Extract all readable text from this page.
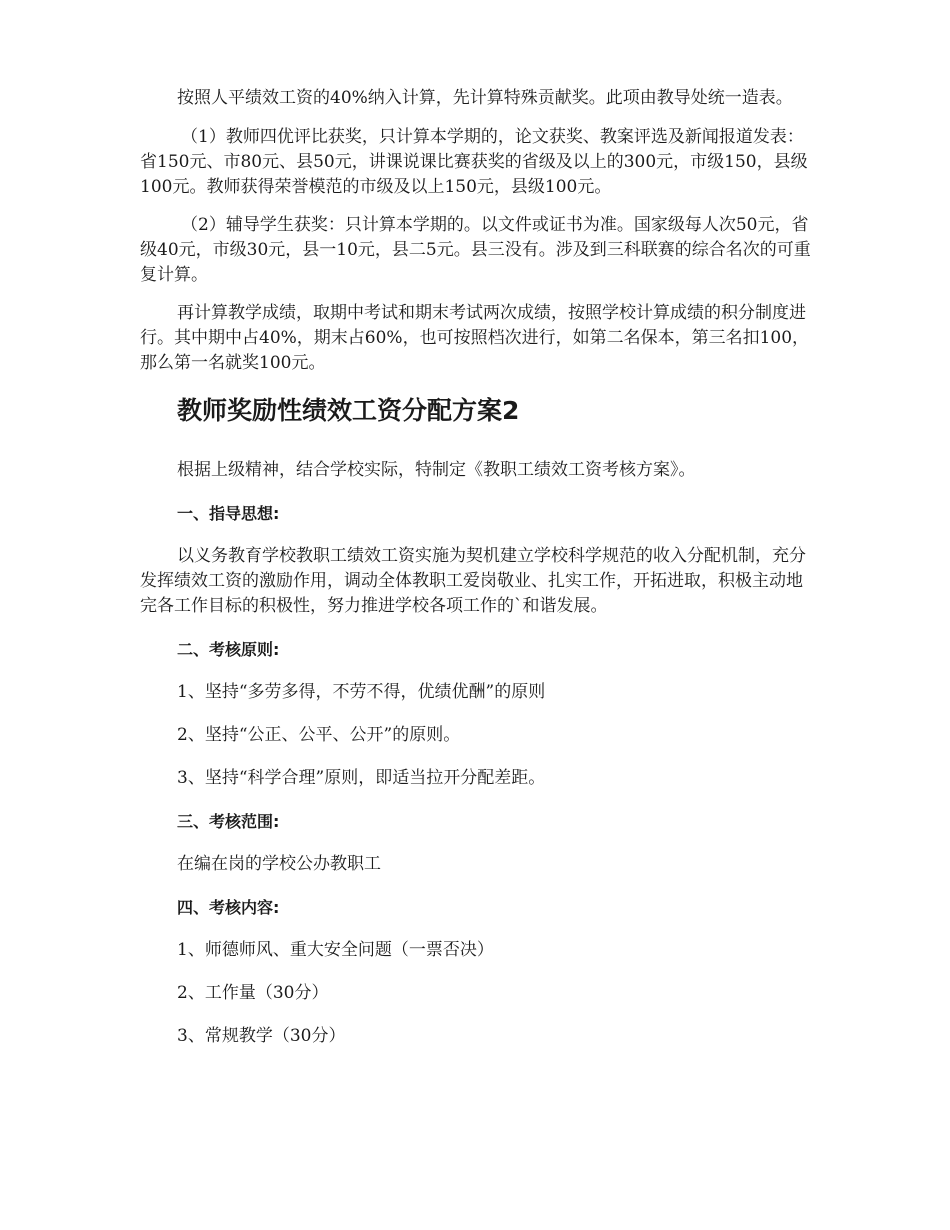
按照人平绩效工资的40%纳入计算，先计算特殊贡献奖。此项由教导处统一造表。

（1）教师四优评比获奖，只计算本学期的，论文获奖、教案评选及新闻报道发表：省150元、市80元、县50元，讲课说课比赛获奖的省级及以上的300元，市级150，县级100元。教师获得荣誉模范的市级及以上150元，县级100元。

（2）辅导学生获奖：只计算本学期的。以文件或证书为准。国家级每人次50元，省级40元，市级30元，县一10元，县二5元。县三没有。涉及到三科联赛的综合名次的可重复计算。

再计算教学成绩，取期中考试和期末考试两次成绩，按照学校计算成绩的积分制度进行。其中期中占40%，期末占60%，也可按照档次进行，如第二名保本，第三名扣100，那么第一名就奖100元。

教师奖励性绩效工资分配方案2

根据上级精神，结合学校实际，特制定《教职工绩效工资考核方案》。

一、指导思想:

以义务教育学校教职工绩效工资实施为契机建立学校科学规范的收入分配机制，充分发挥绩效工资的激励作用，调动全体教职工爱岗敬业、扎实工作，开拓进取，积极主动地完各工作目标的积极性，努力推进学校各项工作的`和谐发展。

二、考核原则:

1、坚持“多劳多得，不劳不得，优绩优酬”的原则

2、坚持“公正、公平、公开”的原则。

3、坚持“科学合理”原则，即适当拉开分配差距。

三、考核范围:

在编在岗的学校公办教职工

四、考核内容:

1、师德师风、重大安全问题（一票否决）

2、工作量（30分）

3、常规教学（30分）
